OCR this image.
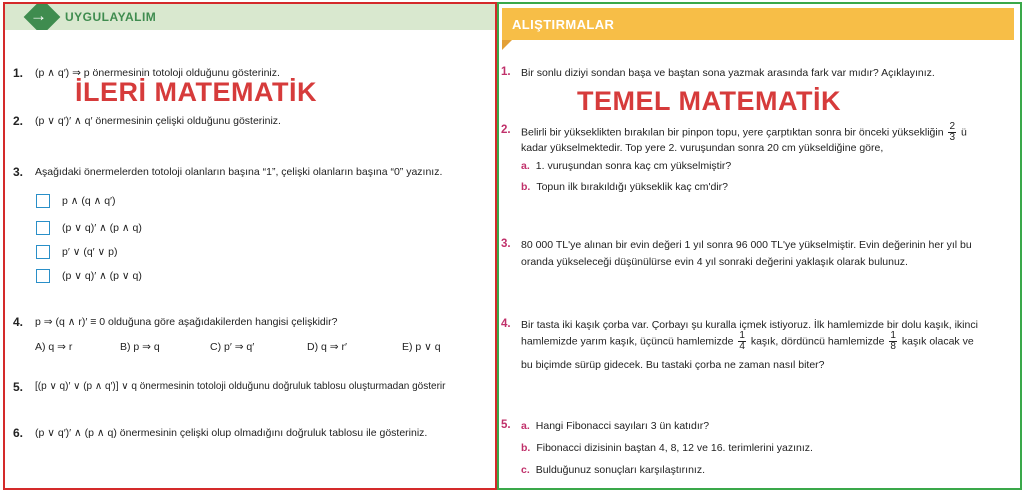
→ UYGULAYALIM
İLERİ MATEMATİK
1. (p ∧ q′) ⇒ p önermesinin totoloji olduğunu gösteriniz.
2. (p ∨ q′)′ ∧ q′ önermesinin çelişki olduğunu gösteriniz.
3. Aşağıdaki önermelerden totoloji olanların başına “1”, çelişki olanların başına “0” yazınız.
p ∧ (q ∧ q′)
(p ∨ q)′ ∧ (p ∧ q)
p′ ∨ (q′ ∨ p)
(p ∨ q)′ ∧ (p ∨ q)
4. p ⇒ (q ∧ r)′ ≡ 0 olduğuna göre aşağıdakilerden hangisi çelişkidir?
A) q ⇒ r	B) p ⇒ q	C) p′ ⇒ q′	D) q ⇒ r′	E) p ∨ q
5. [(p ∨ q)′ ∨ (p ∧ q′)] ∨ q önermesinin totoloji olduğunu doğruluk tablosu oluşturmadan gösterir
6. (p ∨ q′)′ ∧ (p ∧ q) önermesinin çelişki olup olmadığını doğruluk tablosu ile gösteriniz.
ALIŞTIRMALAR
TEMEL MATEMATİK
1. Bir sonlu diziyi sondan başa ve baştan sona yazmak arasında fark var mıdır? Açıklayınız.
2. Belirli bir yükseklikten bırakılan bir pinpon topu, yere çarptıktan sonra bir önceki yüksekliğin $\frac{2}{3}$ ü
kadar yükselmektedir. Top yere 2. vuruşundan sonra 20 cm yükseldiğine göre,
a. 1. vuruşundan sonra kaç cm yükselmiştir?
b. Topun ilk bırakıldığı yükseklik kaç cm'dir?
3. 80 000 TL'ye alınan bir evin değeri 1 yıl sonra 96 000 TL'ye yükselmiştir. Evin değerinin her yıl bu
oranda yükseleceği düşünülürse evin 4 yıl sonraki değerini yaklaşık olarak bulunuz.
4. Bir tasta iki kaşık çorba var. Çorbayı şu kuralla içmek istiyoruz. İlk hamlemizde bir dolu kaşık, ikinci
hamlemizde yarım kaşık, üçüncü hamlemizde $\frac{1}{4}$ kaşık, dördüncü hamlemizde $\frac{1}{8}$ kaşık olacak ve
bu biçimde sürüp gidecek. Bu tastaki çorba ne zaman nasıl biter?
5. a. Hangi Fibonacci sayıları 3 ün katıdır?
b. Fibonacci dizisinin baştan 4, 8, 12 ve 16. terimlerini yazınız.
c. Bulduğunuz sonuçları karşılaştırınız.
